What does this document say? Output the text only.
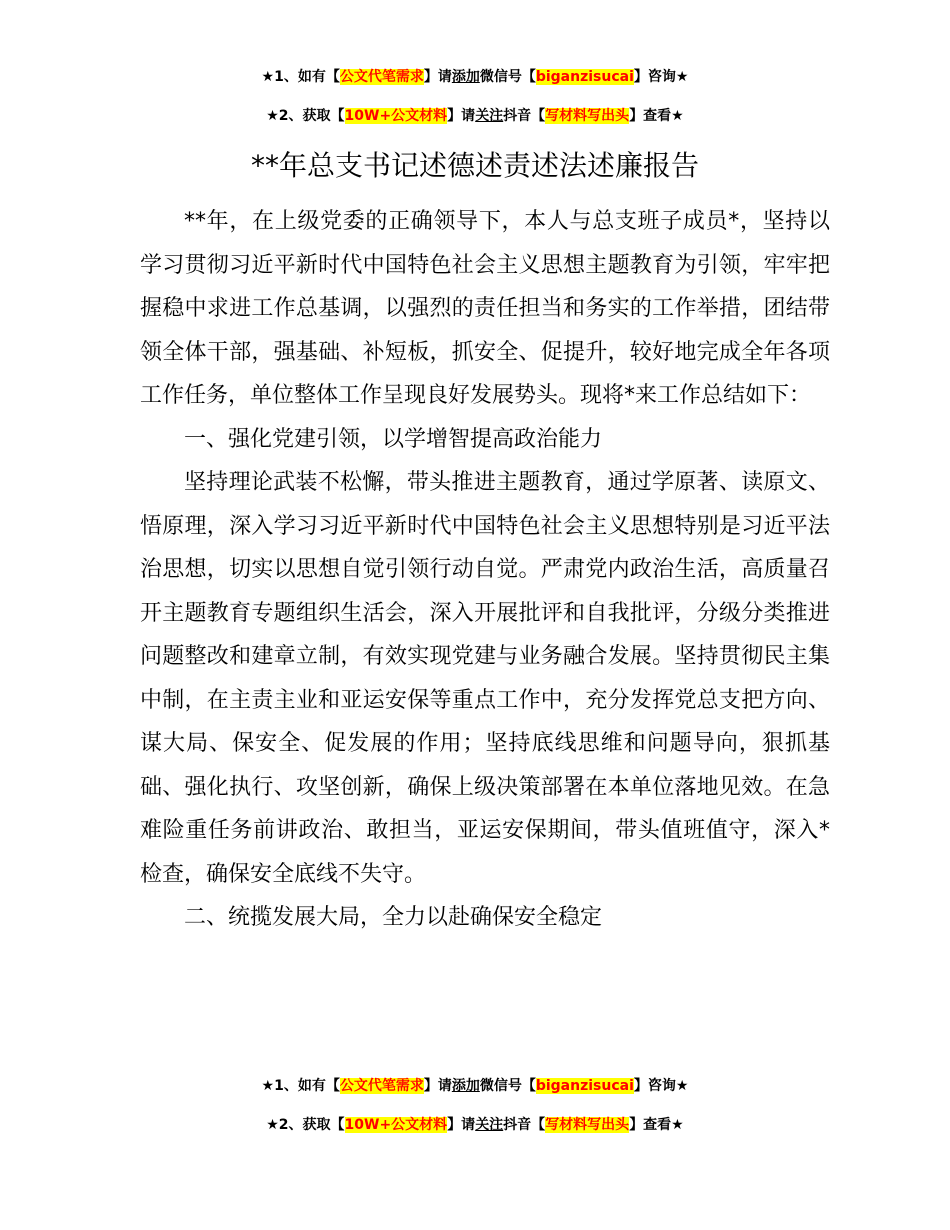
★1、如有【公文代笔需求】请添加微信号【biganzisucai】咨询★
★2、获取【10W+公文材料】请关注抖音【写材料写出头】查看★
**年总支书记述德述责述法述廉报告

**年，在上级党委的正确领导下，本人与总支班子成员*，坚持以学习贯彻习近平新时代中国特色社会主义思想主题教育为引领，牢牢把握稳中求进工作总基调，以强烈的责任担当和务实的工作举措，团结带领全体干部，强基础、补短板，抓安全、促提升，较好地完成全年各项工作任务，单位整体工作呈现良好发展势头。现将*来工作总结如下：

一、强化党建引领，以学增智提高政治能力

坚持理论武装不松懈，带头推进主题教育，通过学原著、读原文、悟原理，深入学习习近平新时代中国特色社会主义思想特别是习近平法治思想，切实以思想自觉引领行动自觉。严肃党内政治生活，高质量召开主题教育专题组织生活会，深入开展批评和自我批评，分级分类推进问题整改和建章立制，有效实现党建与业务融合发展。坚持贯彻民主集中制，在主责主业和亚运安保等重点工作中，充分发挥党总支把方向、谋大局、保安全、促发展的作用；坚持底线思维和问题导向，狠抓基础、强化执行、攻坚创新，确保上级决策部署在本单位落地见效。在急难险重任务前讲政治、敢担当，亚运安保期间，带头值班值守，深入*检查，确保安全底线不失守。

二、统揽发展大局，全力以赴确保安全稳定

★1、如有【公文代笔需求】请添加微信号【biganzisucai】咨询★
★2、获取【10W+公文材料】请关注抖音【写材料写出头】查看★
